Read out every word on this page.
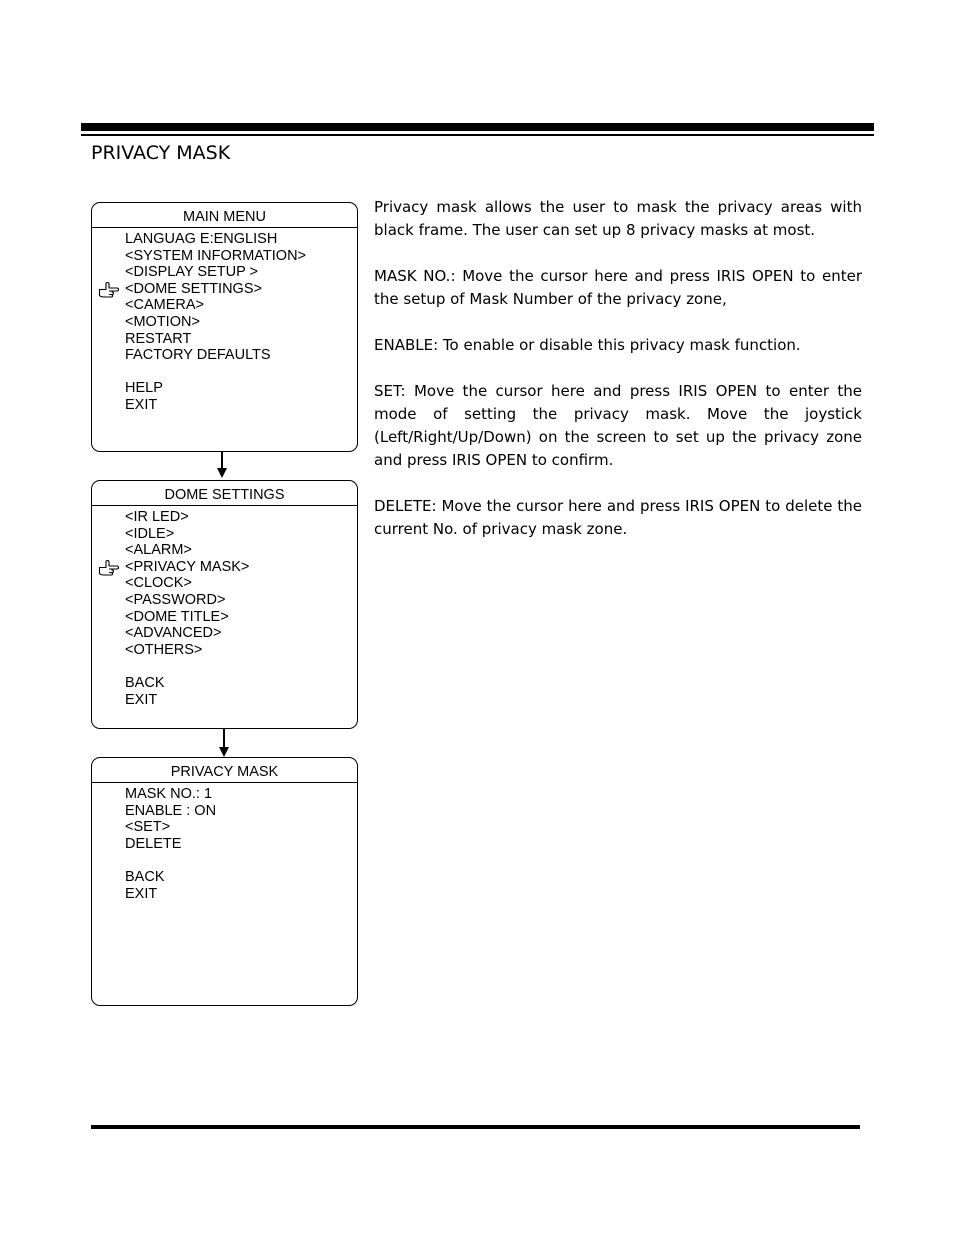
PRIVACY MASK
MAIN MENU
LANGUAG E:ENGLISH
<SYSTEM INFORMATION>
<DISPLAY SETUP >
<DOME SETTINGS>
<CAMERA>
<MOTION>
RESTART
FACTORY DEFAULTS
HELP
EXIT
DOME SETTINGS
<IR LED>
<IDLE>
<ALARM>
<PRIVACY MASK>
<CLOCK>
<PASSWORD>
<DOME TITLE>
<ADVANCED>
<OTHERS>
BACK
EXIT
PRIVACY MASK
MASK NO.: 1
ENABLE : ON
<SET>
DELETE
BACK
EXIT

Privacy mask allows the user to mask the privacy areas with black frame. The user can set up 8 privacy masks at most.

MASK NO.: Move the cursor here and press IRIS OPEN to enter the setup of Mask Number of the privacy zone,

ENABLE: To enable or disable this privacy mask function.

SET: Move the cursor here and press IRIS OPEN to enter the mode of setting the privacy mask. Move the joystick (Left/Right/Up/Down) on the screen to set up the privacy zone and press IRIS OPEN to confirm.

DELETE: Move the cursor here and press IRIS OPEN to delete the current No. of privacy mask zone.
